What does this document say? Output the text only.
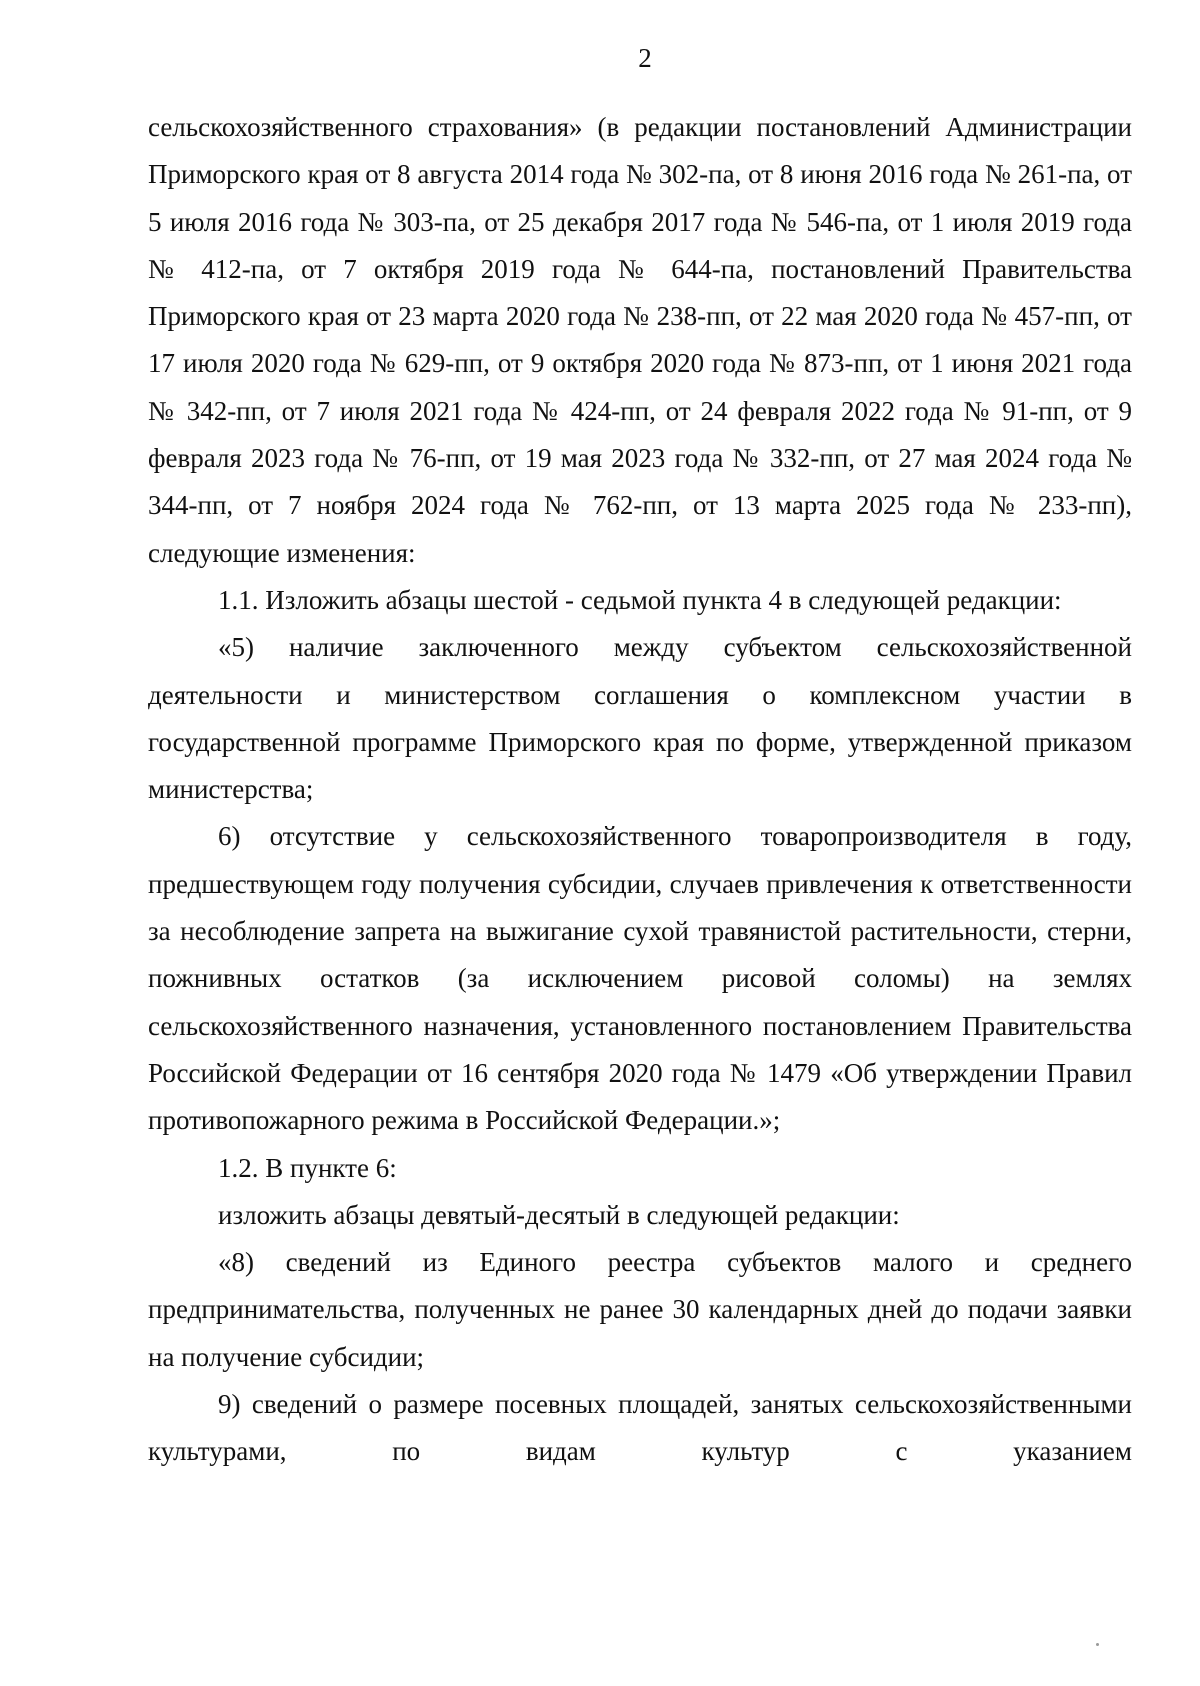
2

сельскохозяйственного страхования» (в редакции постановлений Администрации Приморского края от 8 августа 2014 года № 302-па, от 8 июня 2016 года № 261-па, от 5 июля 2016 года № 303-па, от 25 декабря 2017 года № 546-па, от 1 июля 2019 года № 412-па, от 7 октября 2019 года № 644-па, постановлений Правительства Приморского края от 23 марта 2020 года № 238-пп, от 22 мая 2020 года № 457-пп, от 17 июля 2020 года № 629-пп, от 9 октября 2020 года № 873-пп, от 1 июня 2021 года № 342-пп, от 7 июля 2021 года № 424-пп, от 24 февраля 2022 года № 91-пп, от 9 февраля 2023 года № 76-пп, от 19 мая 2023 года № 332-пп, от 27 мая 2024 года № 344-пп, от 7 ноября 2024 года № 762-пп, от 13 марта 2025 года № 233-пп), следующие изменения:

1.1. Изложить абзацы шестой - седьмой пункта 4 в следующей редакции:

«5) наличие заключенного между субъектом сельскохозяйственной деятельности и министерством соглашения о комплексном участии в государственной программе Приморского края по форме, утвержденной приказом министерства;

6) отсутствие у сельскохозяйственного товаропроизводителя в году, предшествующем году получения субсидии, случаев привлечения к ответственности за несоблюдение запрета на выжигание сухой травянистой растительности, стерни, пожнивных остатков (за исключением рисовой соломы) на землях сельскохозяйственного назначения, установленного постановлением Правительства Российской Федерации от 16 сентября 2020 года № 1479 «Об утверждении Правил противопожарного режима в Российской Федерации.»;

1.2. В пункте 6:

изложить абзацы девятый-десятый в следующей редакции:

«8) сведений из Единого реестра субъектов малого и среднего предпринимательства, полученных не ранее 30 календарных дней до подачи заявки на получение субсидии;

9) сведений о размере посевных площадей, занятых сельскохозяйственными культурами, по видам культур с указанием
